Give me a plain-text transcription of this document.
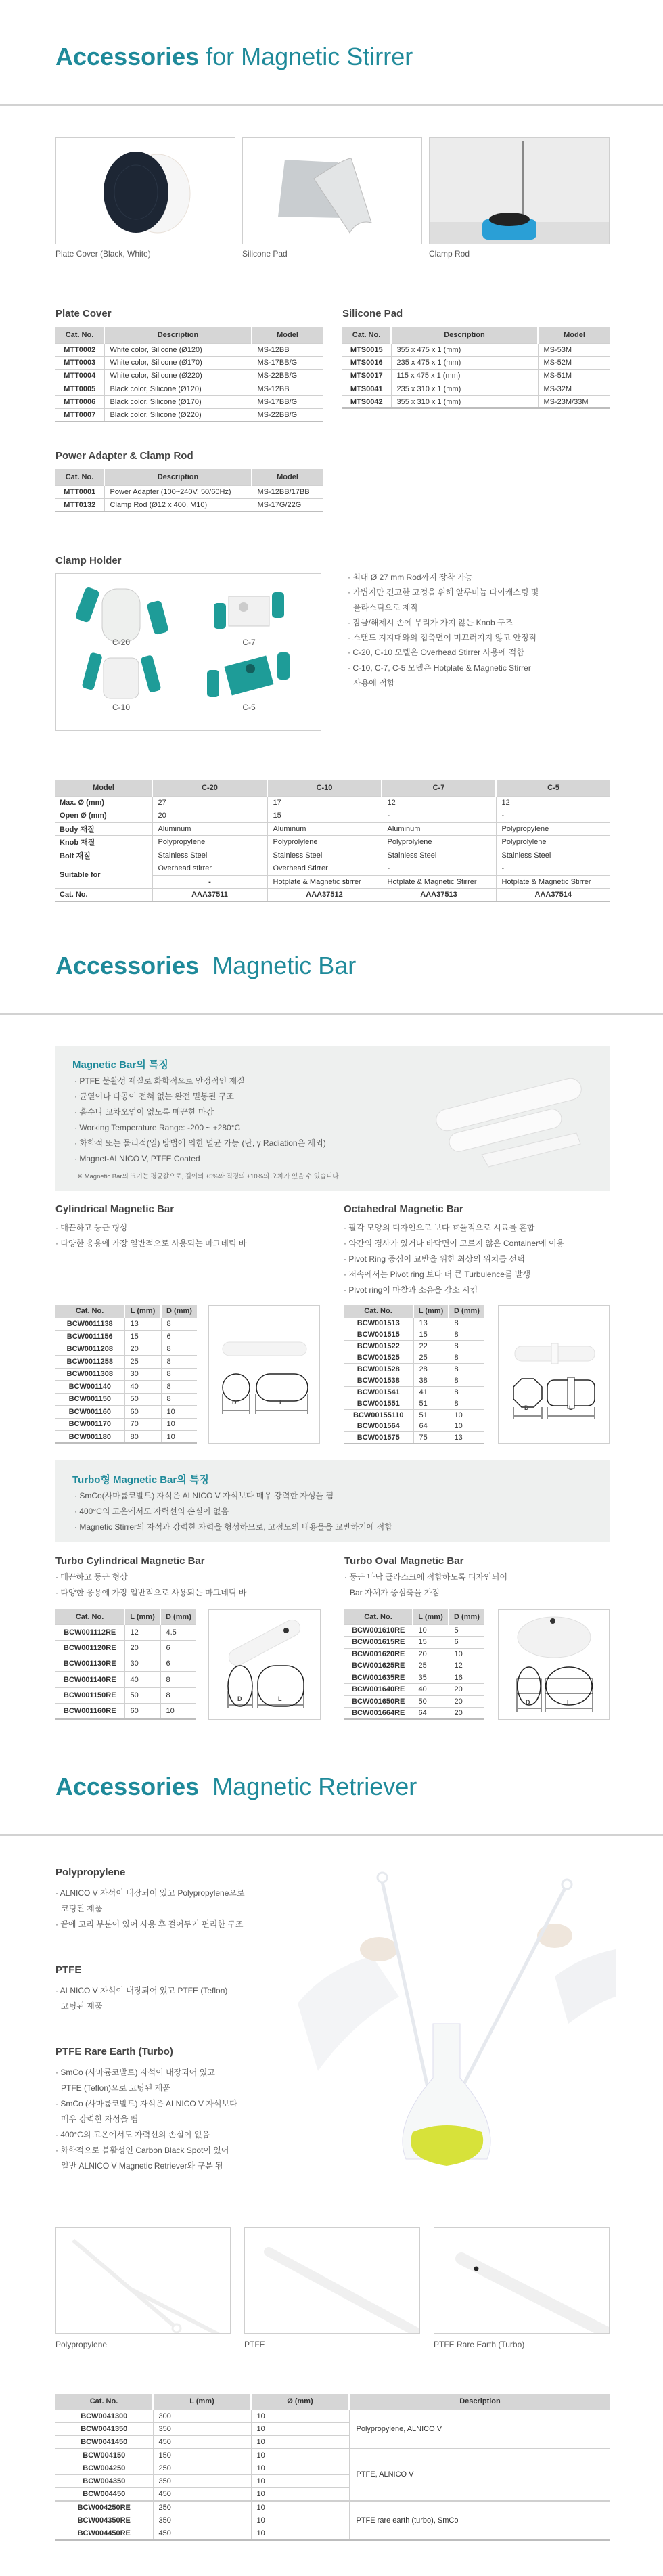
Accessories for Magnetic Stirrer
Plate Cover (Black, White)	Silicone Pad	Clamp Rod
Plate Cover
Cat. No.	Description	Model
MTT0002	White color, Silicone (Ø120)	MS-12BB
MTT0003	White color, Silicone (Ø170)	MS-17BB/G
MTT0004	White color, Silicone (Ø220)	MS-22BB/G
MTT0005	Black color, Silicone (Ø120)	MS-12BB
MTT0006	Black color, Silicone (Ø170)	MS-17BB/G
MTT0007	Black color, Silicone (Ø220)	MS-22BB/G
Silicone Pad
Cat. No.	Description	Model
MTS0015	355 x 475 x 1 (mm)	MS-53M
MTS0016	235 x 475 x 1 (mm)	MS-52M
MTS0017	115 x 475 x 1 (mm)	MS-51M
MTS0041	235 x 310 x 1 (mm)	MS-32M
MTS0042	355 x 310 x 1 (mm)	MS-23M/33M
Power Adapter & Clamp Rod
Cat. No.	Description	Model
MTT0001	Power Adapter (100~240V, 50/60Hz)	MS-12BB/17BB
MTT0132	Clamp Rod (Ø12 x 400, M10)	MS-17G/22G
Clamp Holder
C-20	C-7
C-10	C-5
· 최대 Ø 27 mm Rod까지 장착 가능
· 가볍지만 견고한 고정을 위해 알루미늄 다이캐스팅 및
플라스틱으로 제작
· 잠금/해제시 손에 무리가 가지 않는 Knob 구조
· 스탠드 지지대와의 접촉면이 미끄러지지 않고 안정적
· C-20, C-10 모델은 Overhead Stirrer 사용에 적합
· C-10, C-7, C-5 모델은 Hotplate & Magnetic Stirrer
사용에 적합
Model	C-20	C-10	C-7	C-5
Max. Ø (mm)	27	17	12	12
Open Ø (mm)	20	15	-	-
Body 재질	Aluminum	Aluminum	Aluminum	Polypropylene
Knob 재질	Polypropylene	Polyprolylene	Polyprolylene	Polyprolylene
Bolt 재질	Stainless Steel	Stainless Steel	Stainless Steel	Stainless Steel
Suitable for	Overhead stirrer	Overhead Stirrer	-	-
	-	Hotplate & Magnetic stirrer	Hotplate & Magnetic Stirrer	Hotplate & Magnetic Stirrer
Cat. No.	AAA37511	AAA37512	AAA37513	AAA37514
Accessories  Magnetic Bar
Magnetic Bar의 특징
· PTFE 불활성 재질로 화학적으로 안정적인 재질
· 균열이나 다공이 전혀 없는 완전 밀봉된 구조
· 흡수나 교차오염이 없도록 매끈한 마감
· Working Temperature Range: -200 ~ +280°C
· 화학적 또는 물리적(열) 방법에 의한 멸균 가능 (단, γ Radiation은 제외)
· Magnet-ALNICO V, PTFE Coated
※ Magnetic Bar의 크기는 평균값으로, 길이의 ±5%와 직경의 ±10%의 오차가 있을 수 있습니다
Cylindrical Magnetic Bar
· 매끈하고 둥근 형상
· 다양한 응용에 가장 일반적으로 사용되는 마그네틱 바
Cat. No.	L (mm)	D (mm)
BCW0011138	13	8
BCW0011156	15	6
BCW0011208	20	8
BCW0011258	25	8
BCW0011308	30	8
BCW001140	40	8
BCW001150	50	8
BCW001160	60	10
BCW001170	70	10
BCW001180	80	10
D	L
Octahedral Magnetic Bar
· 팔각 모양의 디자인으로 보다 효율적으로 시료를 혼합
· 약간의 경사가 있거나 바닥면이 고르지 않은 Container에 이용
· Pivot Ring 중심이 교반을 위한 최상의 위치를 선택
· 저속에서는 Pivot ring 보다 더 큰 Turbulence를 발생
· Pivot ring이 마찰과 소음을 감소 시킴
Cat. No.	L (mm)	D (mm)
BCW001513	13	8
BCW001515	15	8
BCW001522	22	8
BCW001525	25	8
BCW001528	28	8
BCW001538	38	8
BCW001541	41	8
BCW001551	51	8
BCW00155110	51	10
BCW001564	64	10
BCW001575	75	13
D	L
Turbo형 Magnetic Bar의 특징
· SmCo(사마륨코발트) 자석은 ALNICO V 자석보다 매우 강력한 자성을 띔
· 400°C의 고온에서도 자력선의 손실이 없음
· Magnetic Stirrer의 자석과 강력한 자력을 형성하므로, 고점도의 내용물을 교반하기에 적합
Turbo Cylindrical Magnetic Bar
· 매끈하고 둥근 형상
· 다양한 응용에 가장 일반적으로 사용되는 마그네틱 바
Cat. No.	L (mm)	D (mm)
BCW001112RE	12	4.5
BCW001120RE	20	6
BCW001130RE	30	6
BCW001140RE	40	8
BCW001150RE	50	8
BCW001160RE	60	10
D	L
Turbo Oval Magnetic Bar
· 둥근 바닥 플라스크에 적합하도록 디자인되어
Bar 자체가 중심축을 가짐
Cat. No.	L (mm)	D (mm)
BCW001610RE	10	5
BCW001615RE	15	6
BCW001620RE	20	10
BCW001625RE	25	12
BCW001635RE	35	16
BCW001640RE	40	20
BCW001650RE	50	20
BCW001664RE	64	20
D	L
Accessories  Magnetic Retriever
Polypropylene
· ALNICO V 자석이 내장되어 있고 Polypropylene으로
코팅된 제품
· 끝에 고리 부분이 있어 사용 후 걸어두기 편리한 구조
PTFE
· ALNICO V 자석이 내장되어 있고 PTFE (Teflon)
코팅된 제품
PTFE Rare Earth (Turbo)
· SmCo (사마륨코발트) 자석이 내장되어 있고
PTFE (Teflon)으로 코팅된 제품
· SmCo (사마륨코발트) 자석은 ALNICO V 자석보다
매우 강력한 자성을 띔
· 400°C의 고온에서도 자력선의 손실이 없음
· 화학적으로 불활성인 Carbon Black Spot이 있어
일반 ALNICO V Magnetic Retriever와 구분 됨
Polypropylene	PTFE	PTFE Rare Earth (Turbo)
Cat. No.	L (mm)	Ø (mm)	Description
BCW0041300	300	10	Polypropylene, ALNICO V
BCW0041350	350	10	
BCW0041450	450	10	
BCW004150	150	10	PTFE, ALNICO V
BCW004250	250	10	
BCW004350	350	10	
BCW004450	450	10	
BCW004250RE	250	10	PTFE rare earth (turbo), SmCo
BCW004350RE	350	10	
BCW004450RE	450	10	
